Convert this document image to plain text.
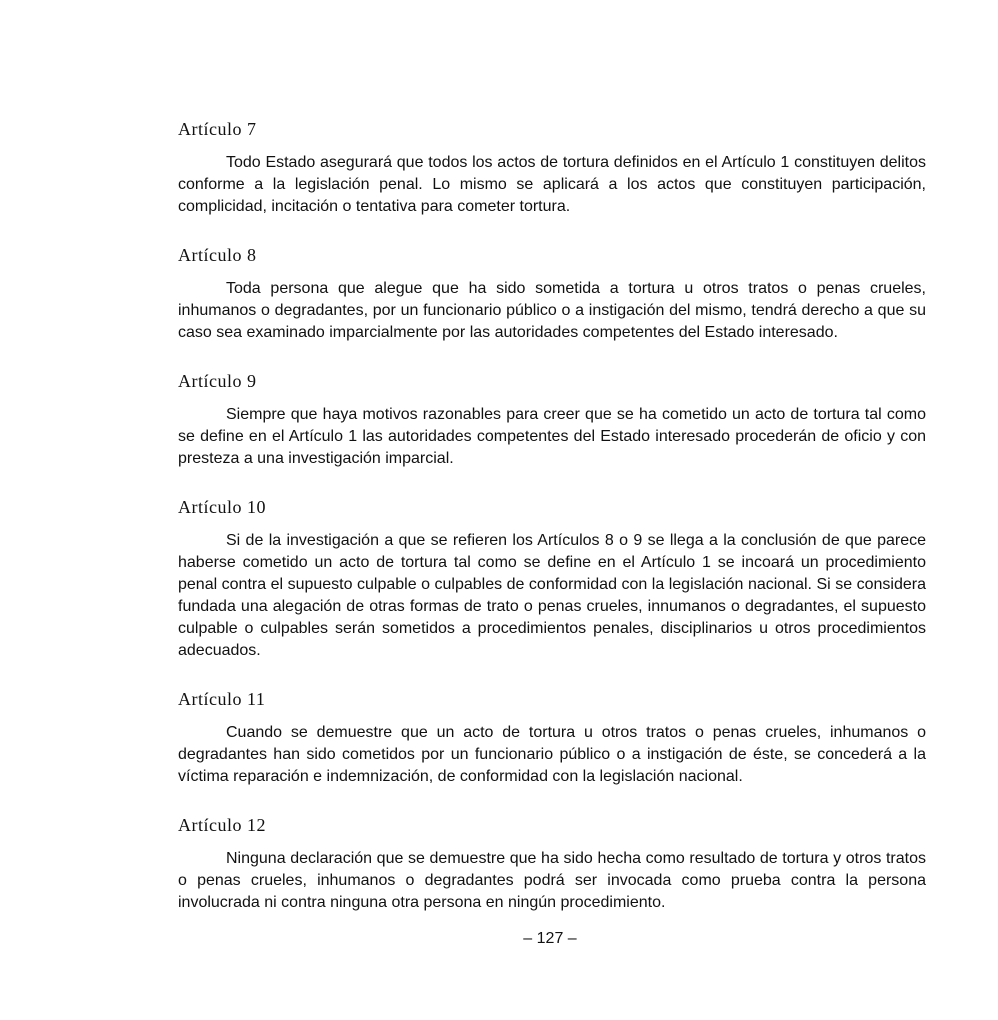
Artículo 7

Todo Estado asegurará que todos los actos de tortura definidos en el Artículo 1 constituyen delitos conforme a la legislación penal. Lo mismo se aplicará a los actos que constituyen participación, complicidad, incitación o tentativa para cometer tortura.

Artículo 8

Toda persona que alegue que ha sido sometida a tortura u otros tratos o penas crueles, inhumanos o degradantes, por un funcionario público o a instigación del mismo, tendrá derecho a que su caso sea examinado imparcialmente por las autoridades competentes del Estado interesado.

Artículo 9

Siempre que haya motivos razonables para creer que se ha cometido un acto de tortura tal como se define en el Artículo 1 las autoridades competentes del Estado interesado procederán de oficio y con presteza a una investigación imparcial.

Artículo 10

Si de la investigación a que se refieren los Artículos 8 o 9 se llega a la conclusión de que parece haberse cometido un acto de tortura tal como se define en el Artículo 1 se incoará un procedimiento penal contra el supuesto culpable o culpables de conformidad con la legislación nacional. Si se considera fundada una alegación de otras formas de trato o penas crueles, innumanos o degradantes, el supuesto culpable o culpables serán sometidos a procedimientos penales, disciplinarios u otros procedimientos adecuados.

Artículo 11

Cuando se demuestre que un acto de tortura u otros tratos o penas crueles, inhumanos o degradantes han sido cometidos por un funcionario público o a instigación de éste, se concederá a la víctima reparación e indemnización, de conformidad con la legislación nacional.

Artículo 12

Ninguna declaración que se demuestre que ha sido hecha como resultado de tortura y otros tratos o penas crueles, inhumanos o degradantes podrá ser invocada como prueba contra la persona involucrada ni contra ninguna otra persona en ningún procedimiento.

– 127 –
